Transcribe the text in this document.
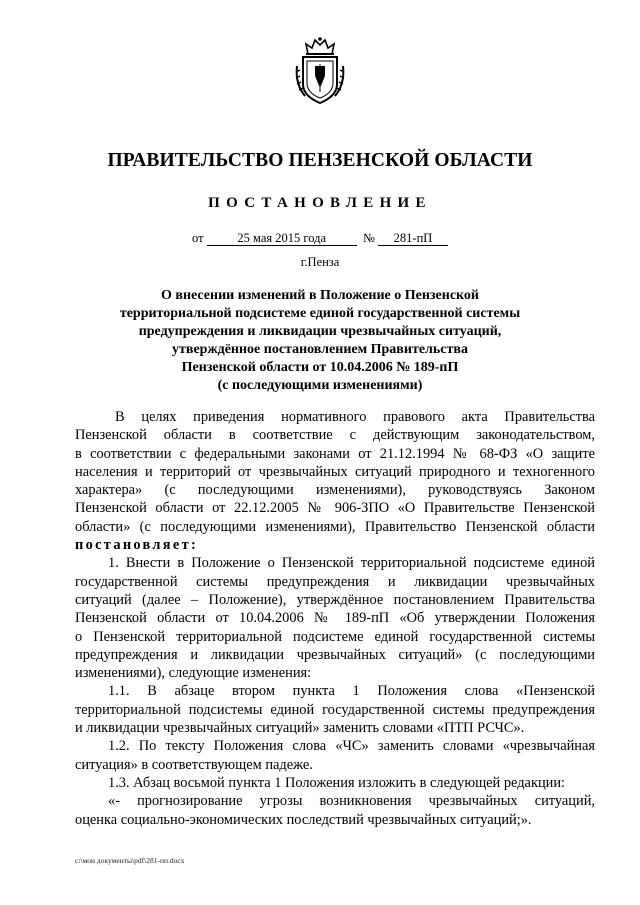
ПРАВИТЕЛЬСТВО ПЕНЗЕНСКОЙ ОБЛАСТИ
ПОСТАНОВЛЕНИЕ
от	25 мая 2015 года	№ 281-пП
г.Пенза
О внесении изменений в Положение о Пензенской
территориальной подсистеме единой государственной системы
предупреждения и ликвидации чрезвычайных ситуаций,
утверждённое постановлением Правительства
Пензенской области от 10.04.2006 № 189-пП
(с последующими изменениями)
В целях приведения нормативного правового акта Правительства
Пензенской области в соответствие с действующим законодательством,
в соответствии с федеральными законами от 21.12.1994 № 68-ФЗ «О защите
населения и территорий от чрезвычайных ситуаций природного и техногенного
характера» (с последующими изменениями), руководствуясь Законом
Пензенской области от 22.12.2005 № 906-ЗПО «О Правительстве Пензенской
области» (с последующими изменениями), Правительство Пензенской области
постановляет:
1. Внести в Положение о Пензенской территориальной подсистеме единой
государственной системы предупреждения и ликвидации чрезвычайных
ситуаций (далее – Положение), утверждённое постановлением Правительства
Пензенской области от 10.04.2006 № 189-пП «Об утверждении Положения
о Пензенской территориальной подсистеме единой государственной системы
предупреждения и ликвидации чрезвычайных ситуаций» (с последующими
изменениями), следующие изменения:
1.1. В абзаце втором пункта 1 Положения слова «Пензенской
территориальной подсистемы единой государственной системы предупреждения
и ликвидации чрезвычайных ситуаций» заменить словами «ПТП РСЧС».
1.2. По тексту Положения слова «ЧС» заменить словами «чрезвычайная
ситуация» в соответствующем падеже.
1.3. Абзац восьмой пункта 1 Положения изложить в следующей редакции:
«- прогнозирование угрозы возникновения чрезвычайных ситуаций,
оценка социально-экономических последствий чрезвычайных ситуаций;».
c:\мои документы\pdf\281-пп.docx
